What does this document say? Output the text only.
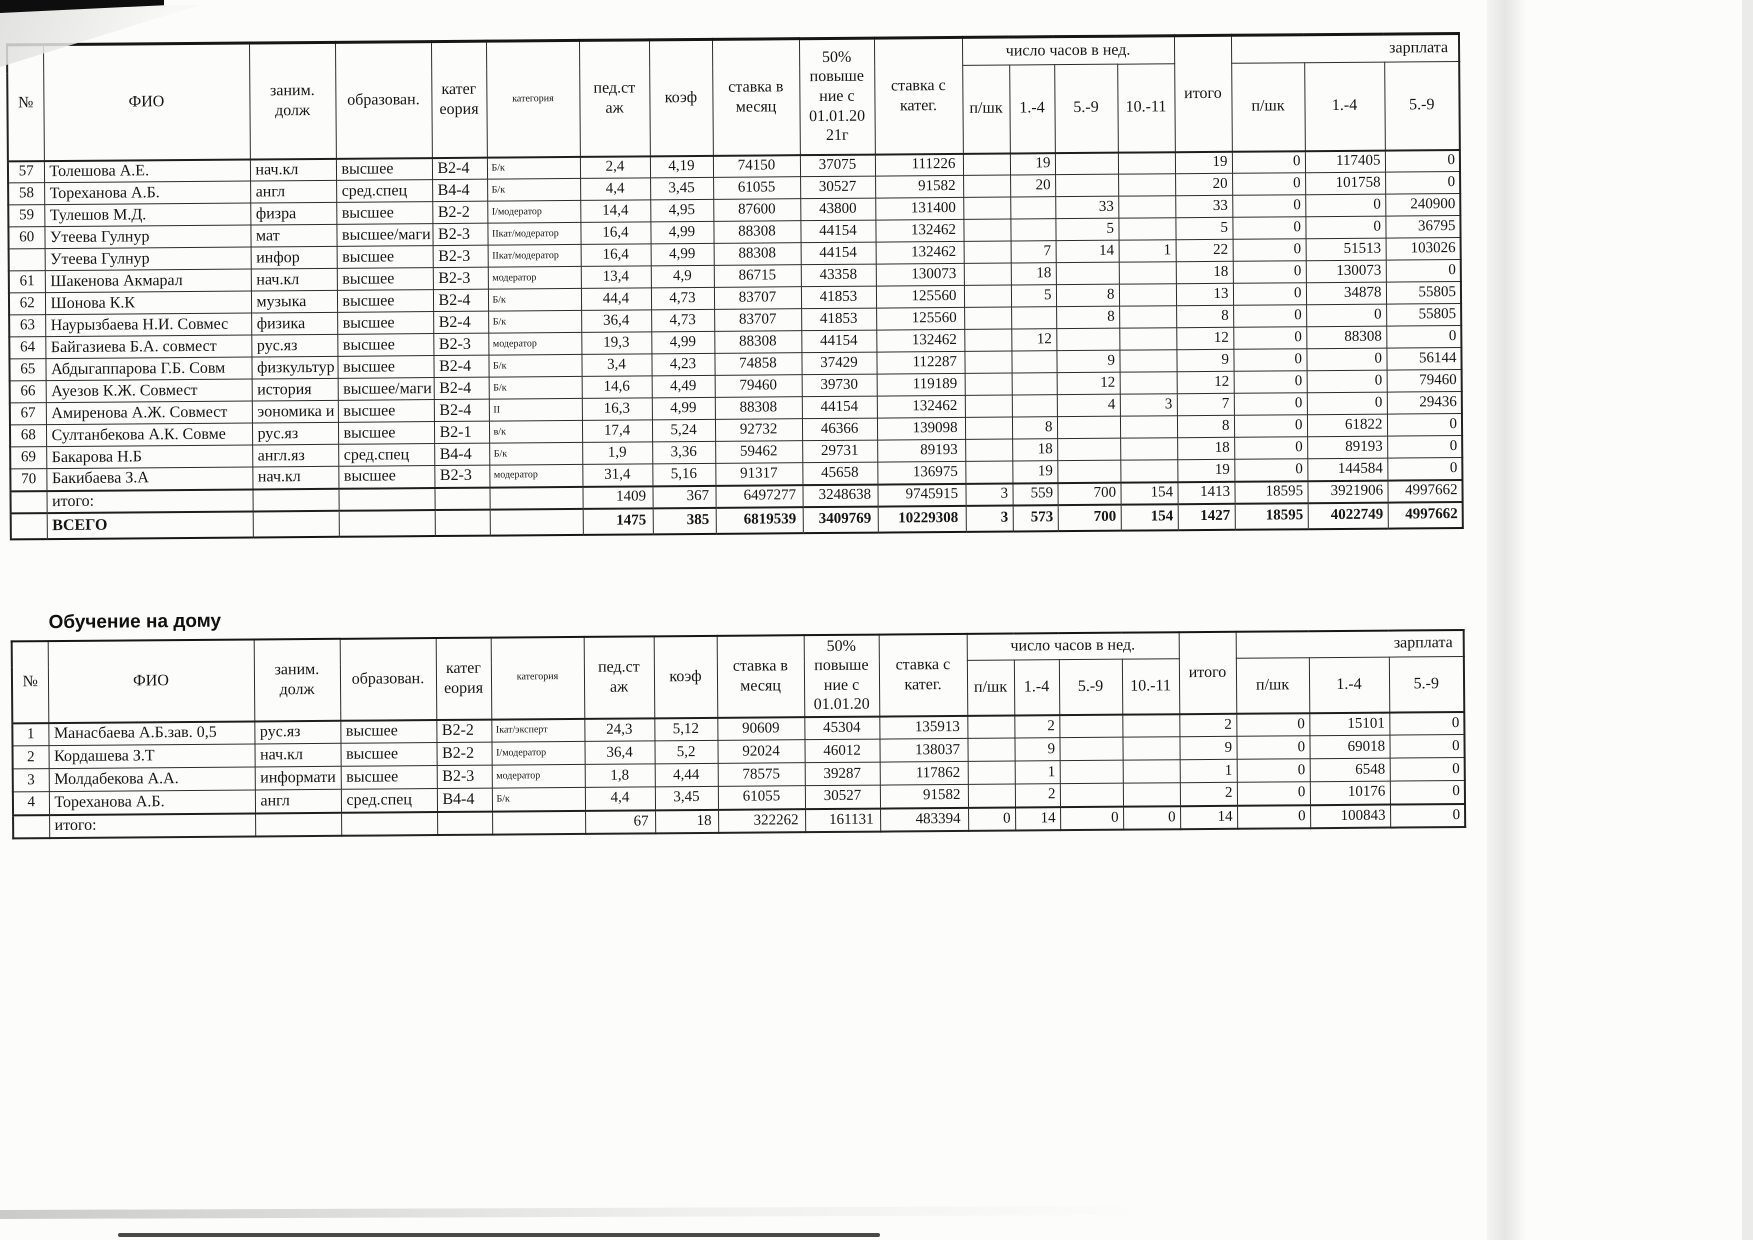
№	ФИО	заним.
долж	образован.	катег
еория	категория	пед.ст
аж	коэф	ставка в
месяц	50%
повыше
ние с
01.01.20
21г	ставка с
катег.	число часов в нед.				итого	зарплата		
											п/шк	1.-4	5.-9	10.-11		п/шк	1.-4	5.-9
57	Толешова А.Е.	нач.кл	высшее	В2-4	Б/к	2,4	4,19	74150	37075	111226		19			19	0	117405	0
58	Тореханова А.Б.	англ	сред.спец	В4-4	Б/к	4,4	3,45	61055	30527	91582		20			20	0	101758	0
59	Тулешов М.Д.	физра	высшее	В2-2	I/модератор	14,4	4,95	87600	43800	131400			33		33	0	0	240900
60	Утеева Гулнур	мат	высшее/маги	В2-3	IIкат/модератор	16,4	4,99	88308	44154	132462			5		5	0	0	36795
	Утеева Гулнур	инфор	высшее	В2-3	IIкат/модератор	16,4	4,99	88308	44154	132462		7	14	1	22	0	51513	103026
61	Шакенова Акмарал	нач.кл	высшее	В2-3	модератор	13,4	4,9	86715	43358	130073		18			18	0	130073	0
62	Шонова К.К	музыка	высшее	В2-4	Б/к	44,4	4,73	83707	41853	125560		5	8		13	0	34878	55805
63	Наурызбаева Н.И. Совмес	физика	высшее	В2-4	Б/к	36,4	4,73	83707	41853	125560			8		8	0	0	55805
64	Байгазиева Б.А. совмест	рус.яз	высшее	В2-3	модератор	19,3	4,99	88308	44154	132462		12			12	0	88308	0
65	Абдыгаппарова Г.Б. Совм	физкультур	высшее	В2-4	Б/к	3,4	4,23	74858	37429	112287			9		9	0	0	56144
66	Ауезов К.Ж. Совмест	история	высшее/маги	В2-4	Б/к	14,6	4,49	79460	39730	119189			12		12	0	0	79460
67	Амиренова А.Ж. Совмест	эономика и	высшее	В2-4	II	16,3	4,99	88308	44154	132462			4	3	7	0	0	29436
68	Султанбекова А.К. Совме	рус.яз	высшее	В2-1	в/к	17,4	5,24	92732	46366	139098		8			8	0	61822	0
69	Бакарова Н.Б	англ.яз	сред.спец	В4-4	Б/к	1,9	3,36	59462	29731	89193		18			18	0	89193	0
70	Бакибаева З.А	нач.кл	высшее	В2-3	модератор	31,4	5,16	91317	45658	136975		19			19	0	144584	0
	итого:					1409	367	6497277	3248638	9745915	3	559	700	154	1413	18595	3921906	4997662
	ВСЕГО					1475	385	6819539	3409769	10229308	3	573	700	154	1427	18595	4022749	4997662
Обучение на дому
№	ФИО	заним.
долж	образован.	катег
еория	категория	пед.ст
аж	коэф	ставка в
месяц	50%
повыше
ние с
01.01.20	ставка с
катег.	число часов в нед.				итого	зарплата		
											п/шк	1.-4	5.-9	10.-11		п/шк	1.-4	5.-9
1	Манасбаева А.Б.зав. 0,5	рус.яз	высшее	В2-2	Iкат/эксперт	24,3	5,12	90609	45304	135913		2			2	0	15101	0
2	Кордашева З.Т	нач.кл	высшее	В2-2	I/модератор	36,4	5,2	92024	46012	138037		9			9	0	69018	0
3	Молдабекова А.А.	информати	высшее	В2-3	модератор	1,8	4,44	78575	39287	117862		1			1	0	6548	0
4	Тореханова А.Б.	англ	сред.спец	В4-4	Б/к	4,4	3,45	61055	30527	91582		2			2	0	10176	0
	итого:					67	18	322262	161131	483394	0	14	0	0	14	0	100843	0
